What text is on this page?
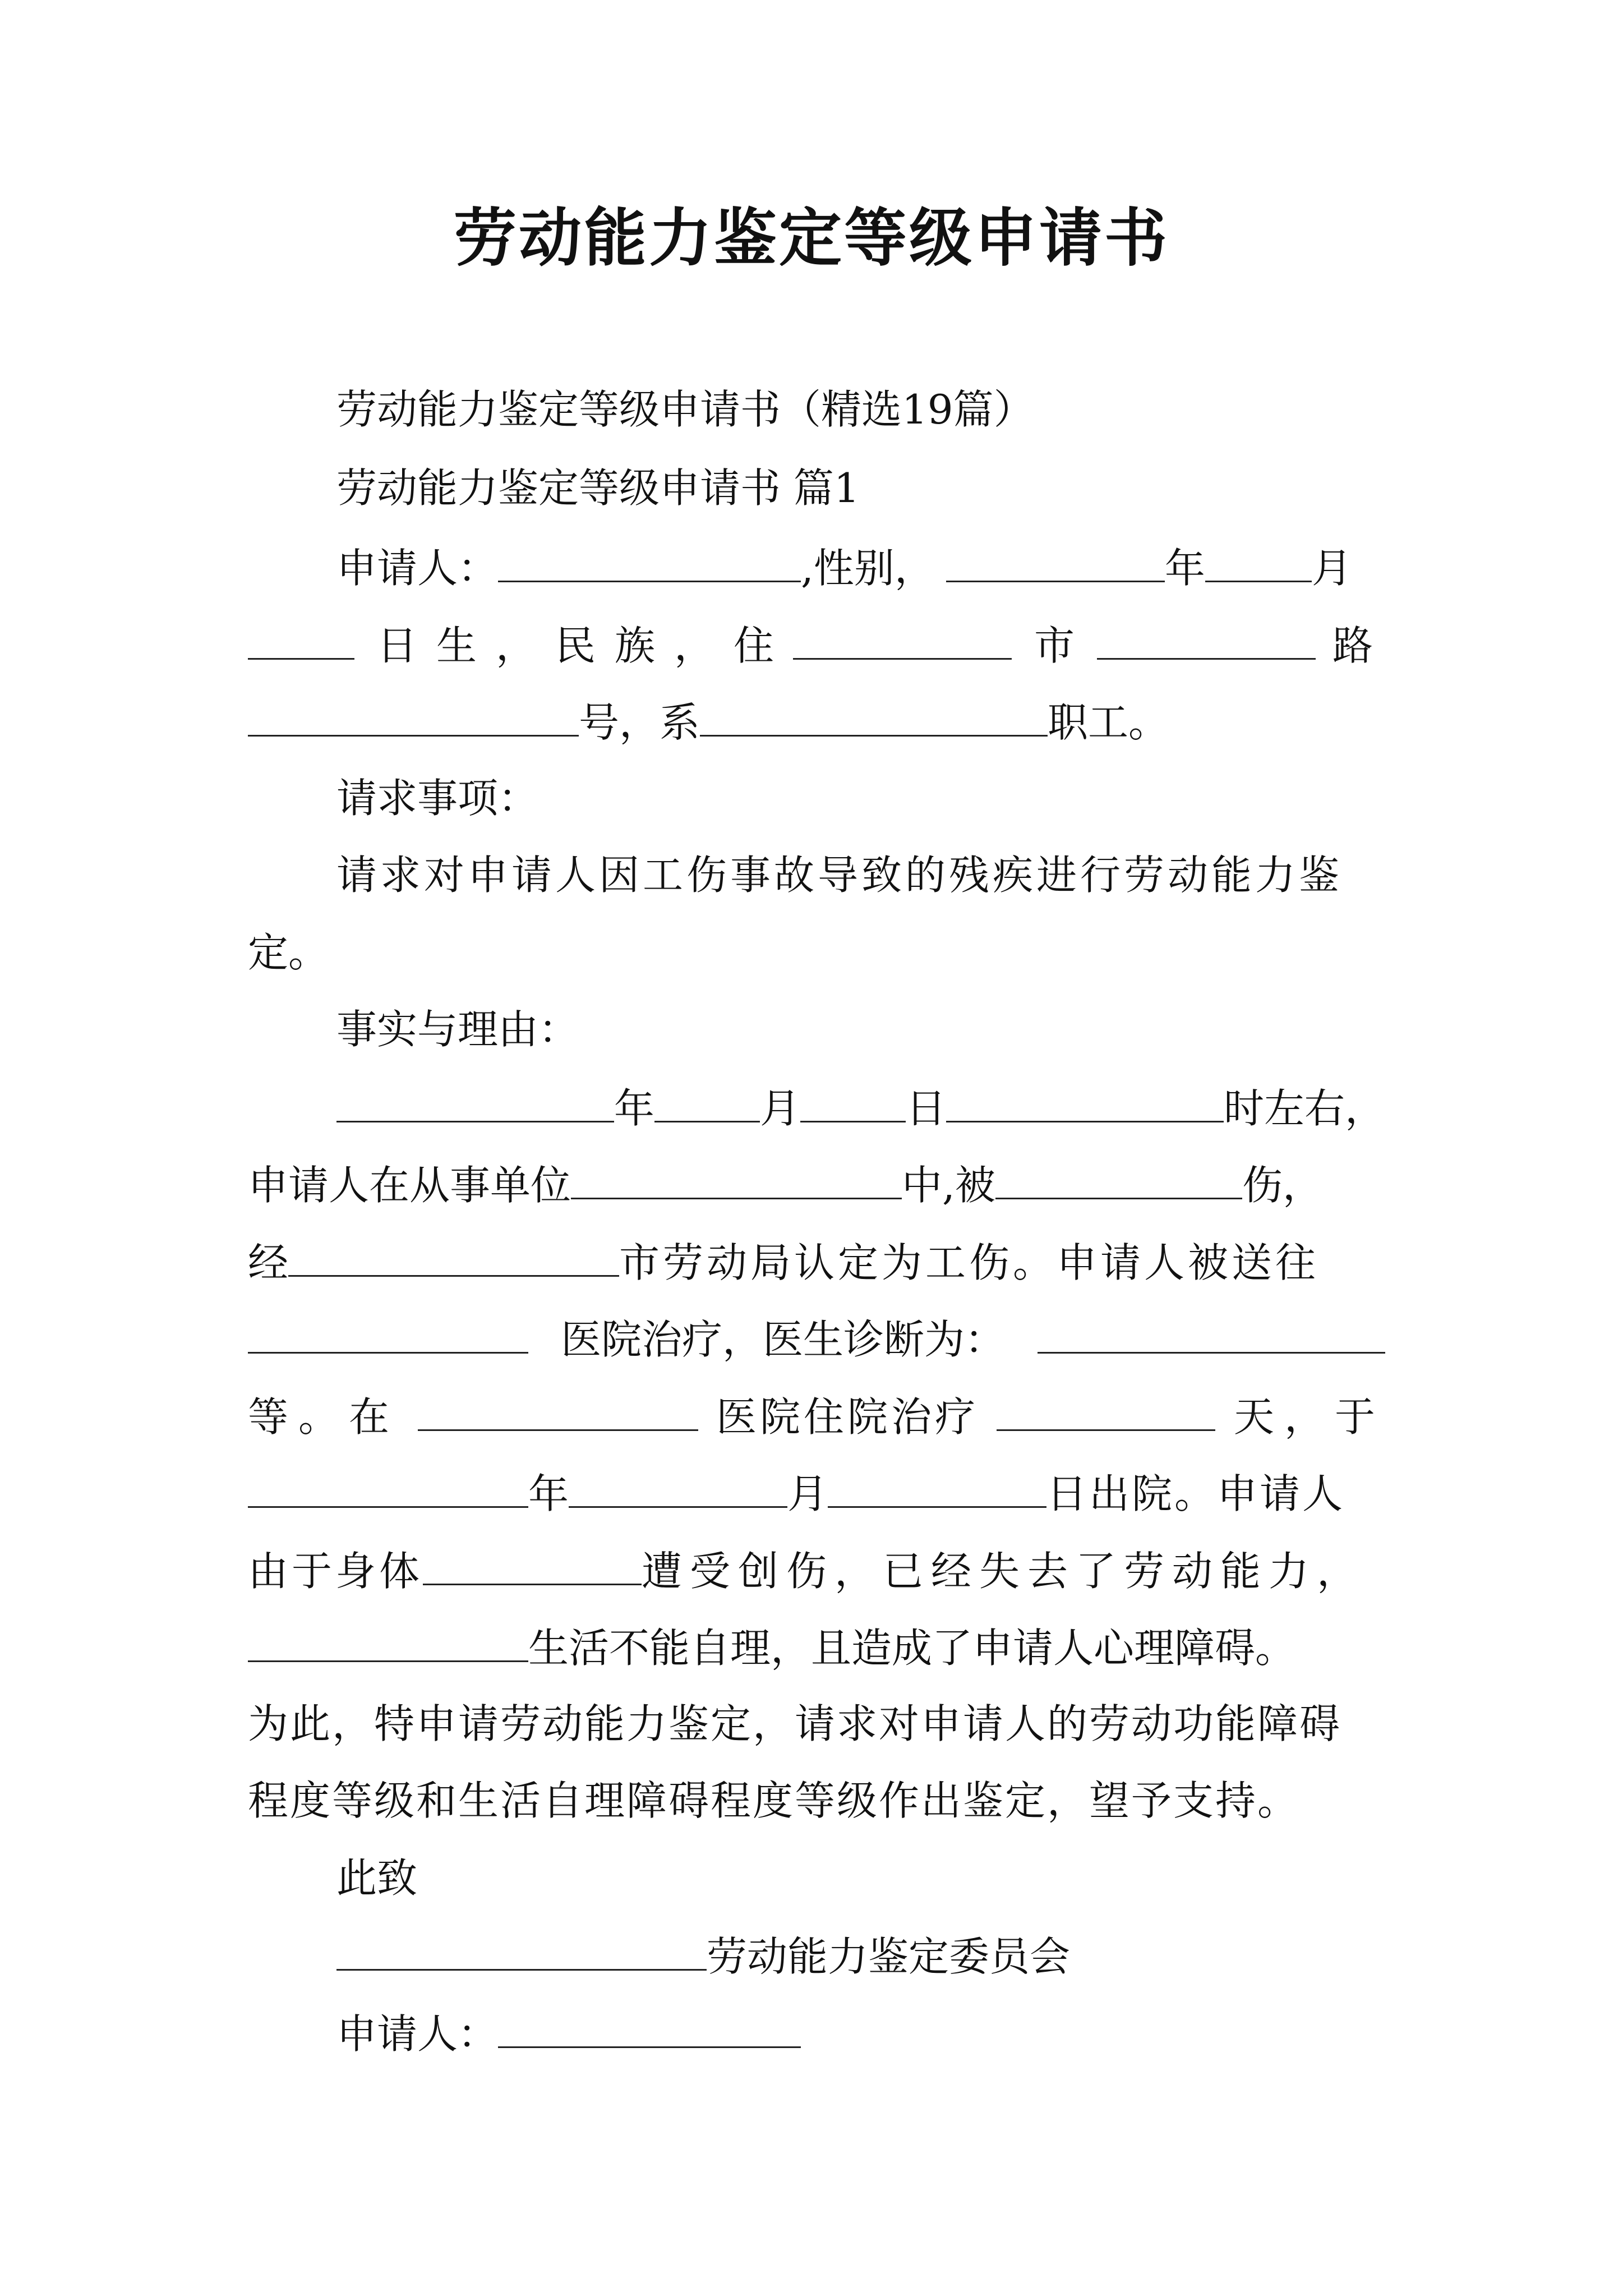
劳动能力鉴定等级申请书
劳动能力鉴定等级申请书（精选19篇）
劳动能力鉴定等级申请书 篇1
申请人：	,性别，	年	月
日生，民族，住	市	路
号，系	职工。
请求事项：
请求对申请人因工伤事故导致的残疾进行劳动能力鉴
定。
事实与理由：
年	月	日	时左右，
申请人在从事单位	中,被	伤，
经	市劳动局认定为工伤。申请人被送往
医院治疗，医生诊断为：
等。在	医院住院治疗	天，于
年	月	日出院。申请人
由于身体	遭受创伤，已经失去了劳动能力，
生活不能自理，且造成了申请人心理障碍。
为此，特申请劳动能力鉴定，请求对申请人的劳动功能障碍
程度等级和生活自理障碍程度等级作出鉴定，望予支持。
此致
劳动能力鉴定委员会
申请人：
